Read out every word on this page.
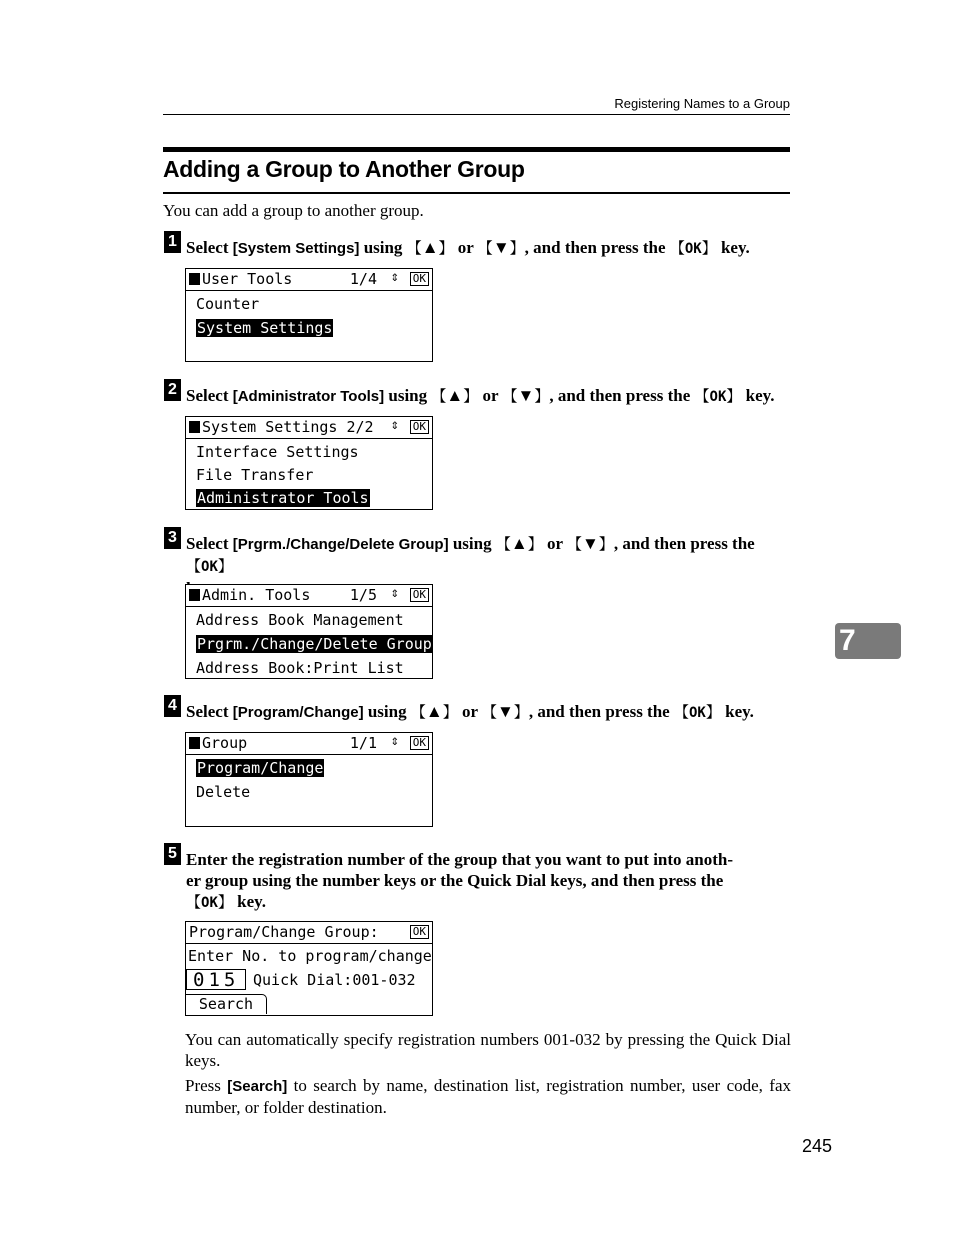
Registering Names to a Group
Adding a Group to Another Group
You can add a group to another group.
1 Select [System Settings] using 【▲】 or 【▼】, and then press the 【OK】 key.
User Tools	1/4 ⇕ OK
Counter
System Settings
2 Select [Administrator Tools] using 【▲】 or 【▼】, and then press the 【OK】 key.
System Settings 2/2 ⇕ OK
Interface Settings
File Transfer
Administrator Tools
3 Select [Prgrm./Change/Delete Group] using 【▲】 or 【▼】, and then press the 【OK】

Admin. Tools	1/5 ⇕ OK
Address Book Management
Prgrm./Change/Delete Group
Address Book:Print List
4 Select [Program/Change] using 【▲】 or 【▼】, and then press the 【OK】 key.
Group	1/1 ⇕ OK
Program/Change
Delete
5 Enter the registration number of the group that you want to put into anoth-
er group using the number keys or the Quick Dial keys, and then press the
【OK】 key.
Program/Change Group:	OK
Enter No. to program/change
015 Quick Dial:001-032
Search
You can automatically specify registration numbers 001-032 by pressing the Quick Dial keys.
Press [Search] to search by name, destination list, registration number, user code, fax number, or folder destination.
7
245
